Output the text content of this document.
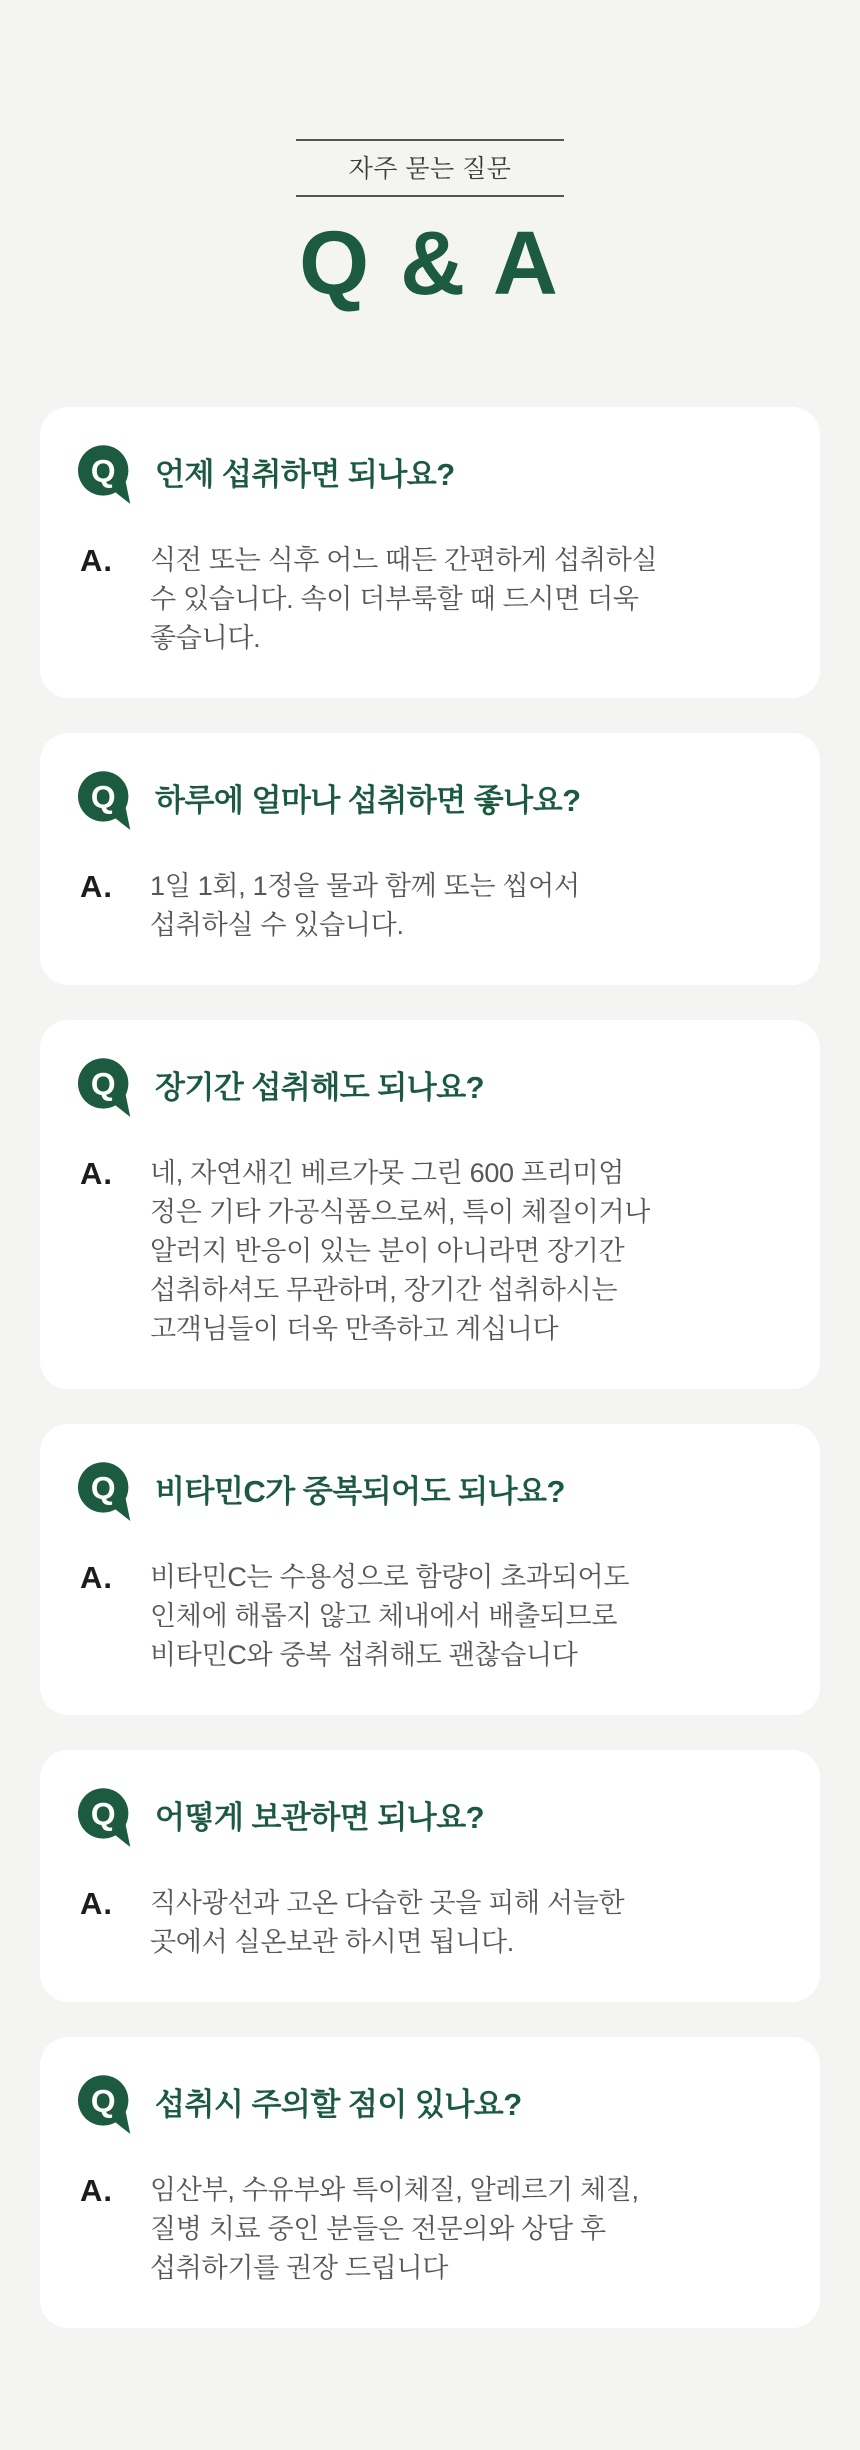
자주 묻는 질문
Q & A
Q 언제 섭취하면 되나요?
A.	식전 또는 식후 어느 때든 간편하게 섭취하실
수 있습니다. 속이 더부룩할 때 드시면 더욱
좋습니다.
Q 하루에 얼마나 섭취하면 좋나요?
A.	1일 1회, 1정을 물과 함께 또는 씹어서
섭취하실 수 있습니다.
Q 장기간 섭취해도 되나요?
A.	네, 자연새긴 베르가못 그린 600 프리미엄
정은 기타 가공식품으로써, 특이 체질이거나
알러지 반응이 있는 분이 아니라면 장기간
섭취하셔도 무관하며, 장기간 섭취하시는
고객님들이 더욱 만족하고 계십니다
Q 비타민C가 중복되어도 되나요?
A.	비타민C는 수용성으로 함량이 초과되어도
인체에 해롭지 않고 체내에서 배출되므로
비타민C와 중복 섭취해도 괜찮습니다
Q 어떻게 보관하면 되나요?
A.	직사광선과 고온 다습한 곳을 피해 서늘한
곳에서 실온보관 하시면 됩니다.
Q 섭취시 주의할 점이 있나요?
A.	임산부, 수유부와 특이체질, 알레르기 체질,
질병 치료 중인 분들은 전문의와 상담 후
섭취하기를 권장 드립니다
